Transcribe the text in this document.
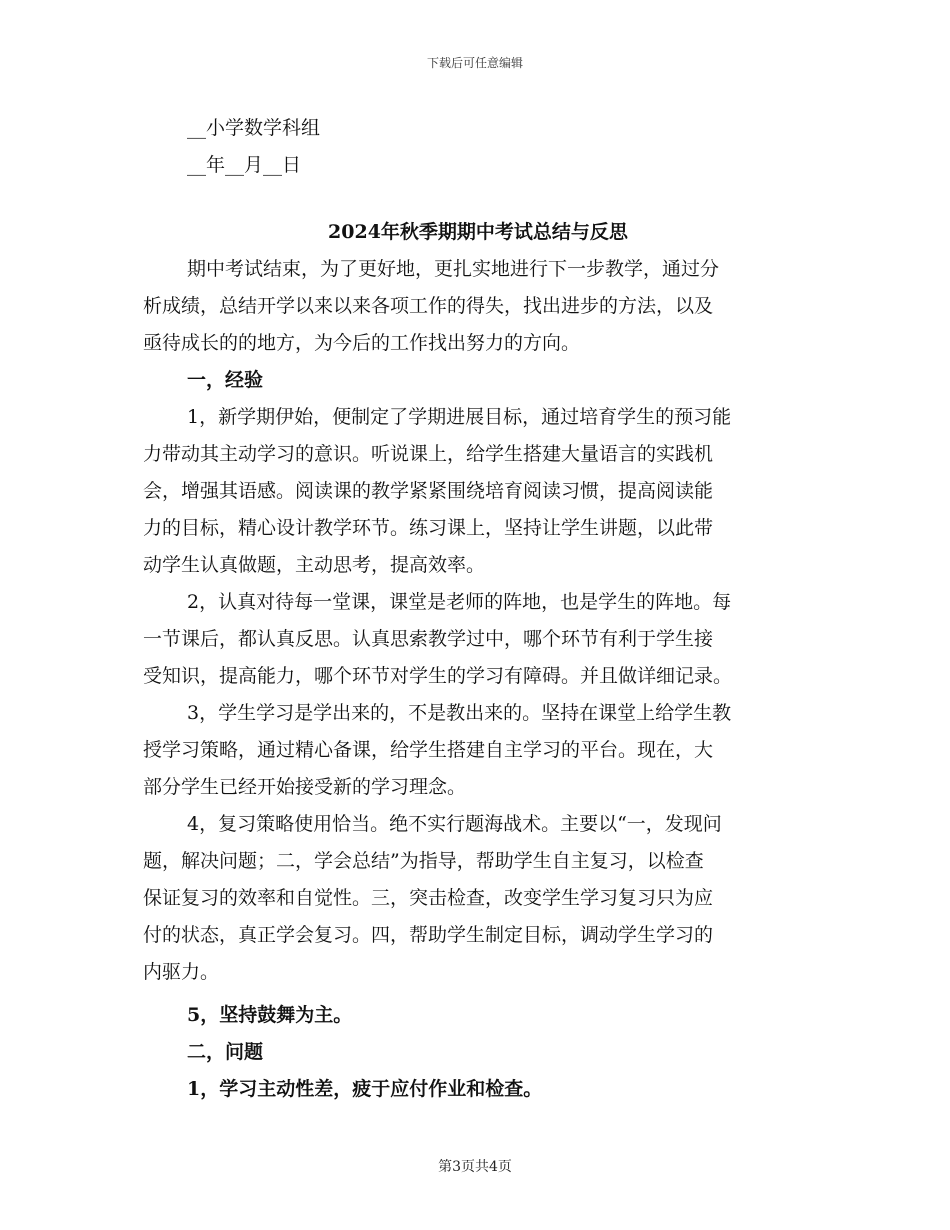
下载后可任意编辑
__小学数学科组
__年__月__日
2024年秋季期期中考试总结与反思
期中考试结束，为了更好地，更扎实地进行下一步教学，通过分
析成绩，总结开学以来以来各项工作的得失，找出进步的方法，以及
亟待成长的的地方，为今后的工作找出努力的方向。
一，经验
1，新学期伊始，便制定了学期进展目标，通过培育学生的预习能
力带动其主动学习的意识。听说课上，给学生搭建大量语言的实践机
会，增强其语感。阅读课的教学紧紧围绕培育阅读习惯，提高阅读能
力的目标，精心设计教学环节。练习课上，坚持让学生讲题，以此带
动学生认真做题，主动思考，提高效率。
2，认真对待每一堂课，课堂是老师的阵地，也是学生的阵地。每
一节课后，都认真反思。认真思索教学过中，哪个环节有利于学生接
受知识，提高能力，哪个环节对学生的学习有障碍。并且做详细记录。
3，学生学习是学出来的，不是教出来的。坚持在课堂上给学生教
授学习策略，通过精心备课，给学生搭建自主学习的平台。现在，大
部分学生已经开始接受新的学习理念。
4，复习策略使用恰当。绝不实行题海战术。主要以“一，发现问
题，解决问题；二，学会总结”为指导，帮助学生自主复习，以检查
保证复习的效率和自觉性。三，突击检查，改变学生学习复习只为应
付的状态，真正学会复习。四，帮助学生制定目标，调动学生学习的
内驱力。
5，坚持鼓舞为主。
二，问题
1，学习主动性差，疲于应付作业和检查。
第3页共4页
